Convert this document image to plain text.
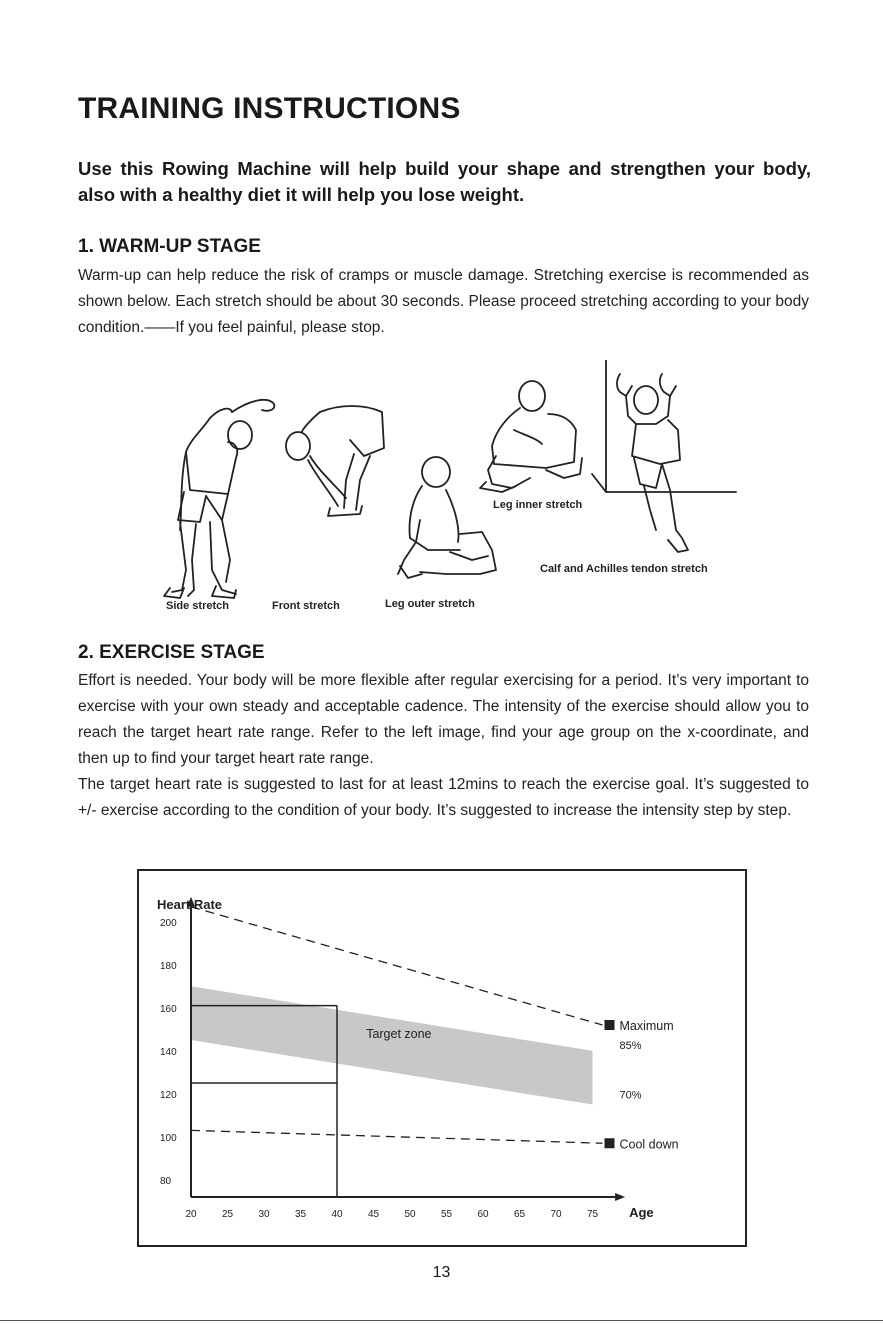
TRAINING INSTRUCTIONS

Use this Rowing Machine will help build your shape and strengthen your body, also with a healthy diet it will help you lose weight.

1. WARM-UP STAGE

Warm-up can help reduce the risk of cramps or muscle damage. Stretching exercise is recommended as shown below. Each stretch should be about 30 seconds. Please proceed stretching according to your body condition.——If you feel painful, please stop.

Side stretch	Front stretch	Leg outer stretch
Leg inner stretch
Calf and Achilles tendon stretch
2. EXERCISE STAGE

Effort is needed. Your body will be more flexible after regular exercising for a period. It’s very important to exercise with your own steady and acceptable cadence. The intensity of the exercise should allow you to reach the target heart rate range. Refer to the left image, find your age group on the x-coordinate, and then up to find your target heart rate range.

The target heart rate is suggested to last for at least 12mins to reach the exercise goal. It’s suggested to +/- exercise according to the condition of your body. It’s suggested to increase the intensity step by step.

80
100
120
140
160
180
200
20	25	30	35	40	45	50	55	60	65	70	75
Maximum
Cool down
Heart Rate
Age
Target zone
85%
70%
13
